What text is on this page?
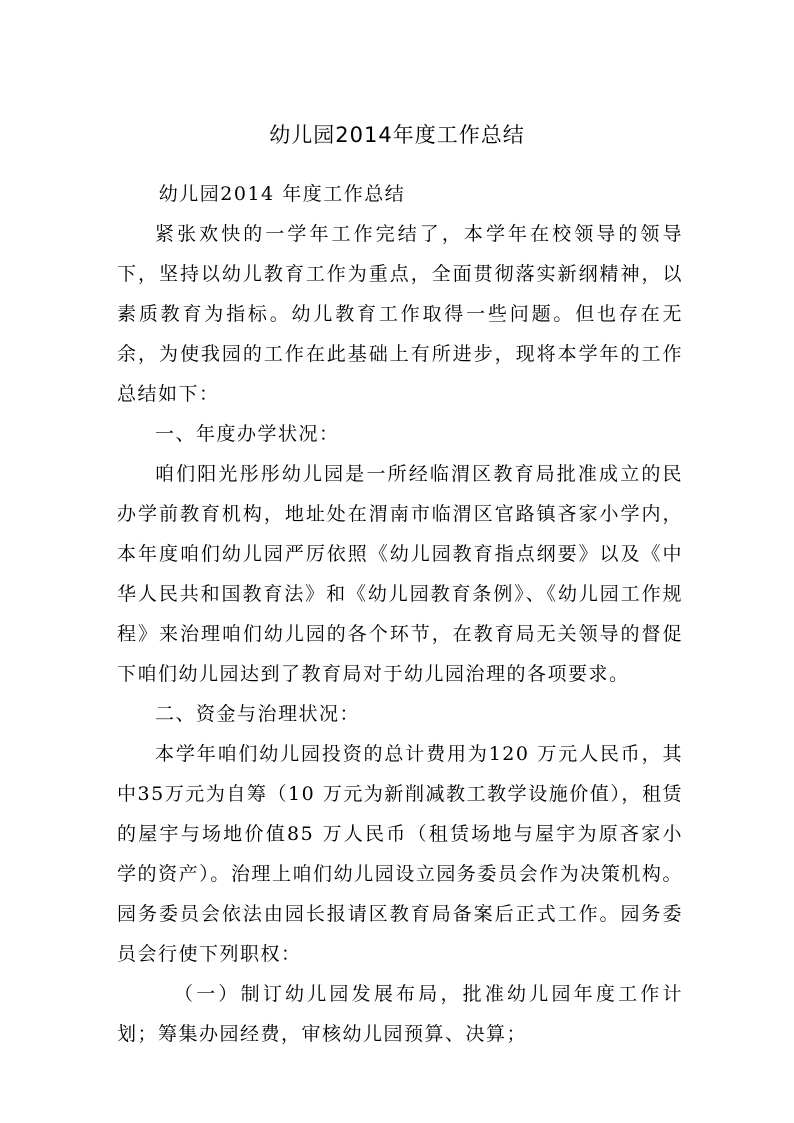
幼儿园2014年度工作总结

幼儿园2014 年度工作总结

紧张欢快的一学年工作完结了，本学年在校领导的领导下，坚持以幼儿教育工作为重点，全面贯彻落实新纲精神，以素质教育为指标。幼儿教育工作取得一些问题。但也存在无余，为使我园的工作在此基础上有所进步，现将本学年的工作总结如下：

一、年度办学状况：

咱们阳光彤彤幼儿园是一所经临渭区教育局批准成立的民办学前教育机构，地址处在渭南市临渭区官路镇吝家小学内，本年度咱们幼儿园严厉依照《幼儿园教育指点纲要》以及《中华人民共和国教育法》和《幼儿园教育条例》、《幼儿园工作规程》来治理咱们幼儿园的各个环节，在教育局无关领导的督促下咱们幼儿园达到了教育局对于幼儿园治理的各项要求。

二、资金与治理状况：

本学年咱们幼儿园投资的总计费用为120 万元人民币，其中35万元为自筹（10 万元为新削减教工教学设施价值），租赁的屋宇与场地价值85 万人民币（租赁场地与屋宇为原吝家小学的资产）。治理上咱们幼儿园设立园务委员会作为决策机构。园务委员会依法由园长报请区教育局备案后正式工作。园务委员会行使下列职权：

（一）制订幼儿园发展布局，批准幼儿园年度工作计划；筹集办园经费，审核幼儿园预算、决算；
